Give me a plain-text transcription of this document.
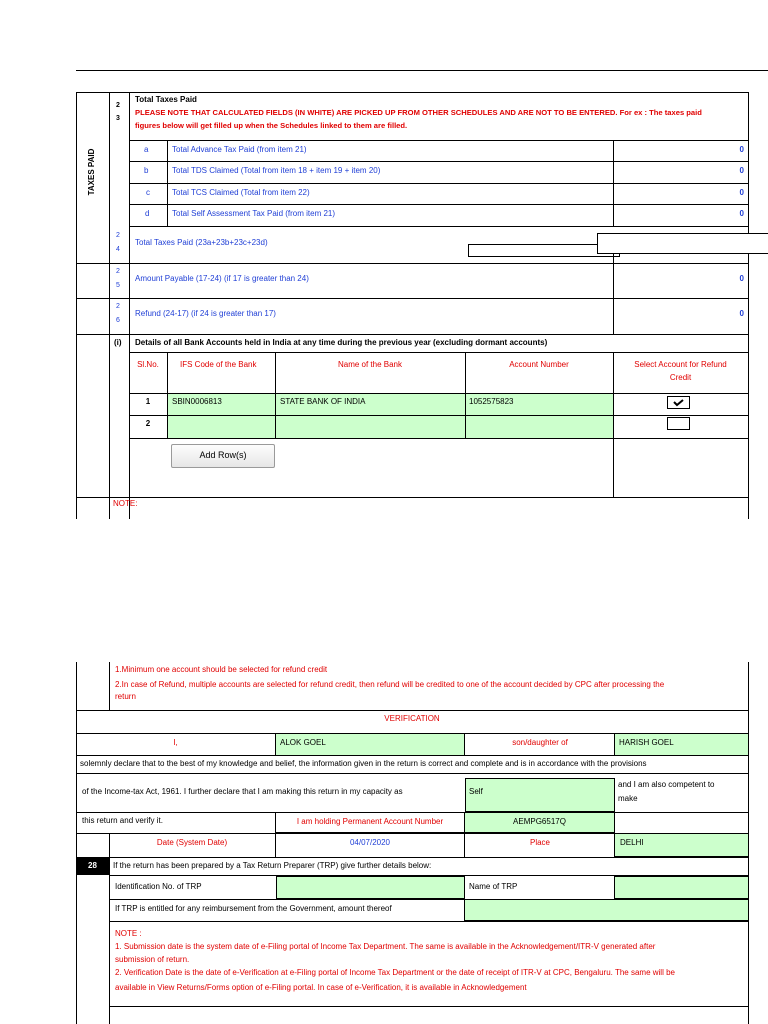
TAXES PAID
2
3
Total Taxes Paid
PLEASE NOTE THAT CALCULATED FIELDS (IN WHITE) ARE PICKED UP FROM OTHER SCHEDULES AND ARE NOT TO BE ENTERED. For ex : The taxes paid
figures below will get filled up when the Schedules linked to them are filled.
a	Total Advance Tax Paid (from item 21)	0
b	Total TDS Claimed (Total from item 18 + item 19 + item 20)	0
c	Total TCS Claimed (Total from item 22)	0
d	Total Self Assessment Tax Paid (from item 21)	0
2
4
Total Taxes Paid (23a+23b+23c+23d)
2
5
Amount Payable (17-24) (if 17 is greater than 24)	0
2
6
Refund (24-17) (if 24 is greater than 17)	0
(i) Details of all Bank Accounts held in India at any time during the previous year (excluding dormant accounts)
Sl.No.	IFS Code of the Bank	Name of the Bank	Account Number	Select Account for Refund
Credit
1	SBIN0006813	STATE BANK OF INDIA	1052575823
2
Add Row(s)
NOTE:
1.Minimum one account should be selected for refund credit
2.In case of Refund, multiple accounts are selected for refund credit, then refund will be credited to one of the account decided by CPC after processing the
return
VERIFICATION
I,	ALOK GOEL	son/daughter of	HARISH GOEL
solemnly declare that to the best of my knowledge and belief, the information given in the return is correct and complete and is in accordance with the provisions
of the Income-tax Act, 1961. I further declare that I am making this return in my capacity as	Self
and I am also competent to
make
this return and verify it.	I am holding Permanent Account Number	AEMPG6517Q
Date (System Date)	04/07/2020	Place	DELHI
28	If the return has been prepared by a Tax Return Preparer (TRP) give further details below:
Identification No. of TRP	Name of TRP
If TRP is entitled for any reimbursement from the Government, amount thereof
NOTE :
1. Submission date is the system date of e-Filing portal of Income Tax Department. The same is available in the Acknowledgement/ITR-V generated after
submission of return.
2. Verification Date is the date of e-Verification at e-Filing portal of Income Tax Department or the date of receipt of ITR-V at CPC, Bengaluru. The same will be
available in View Returns/Forms option of e-Filing portal. In case of e-Verification, it is available in Acknowledgement
